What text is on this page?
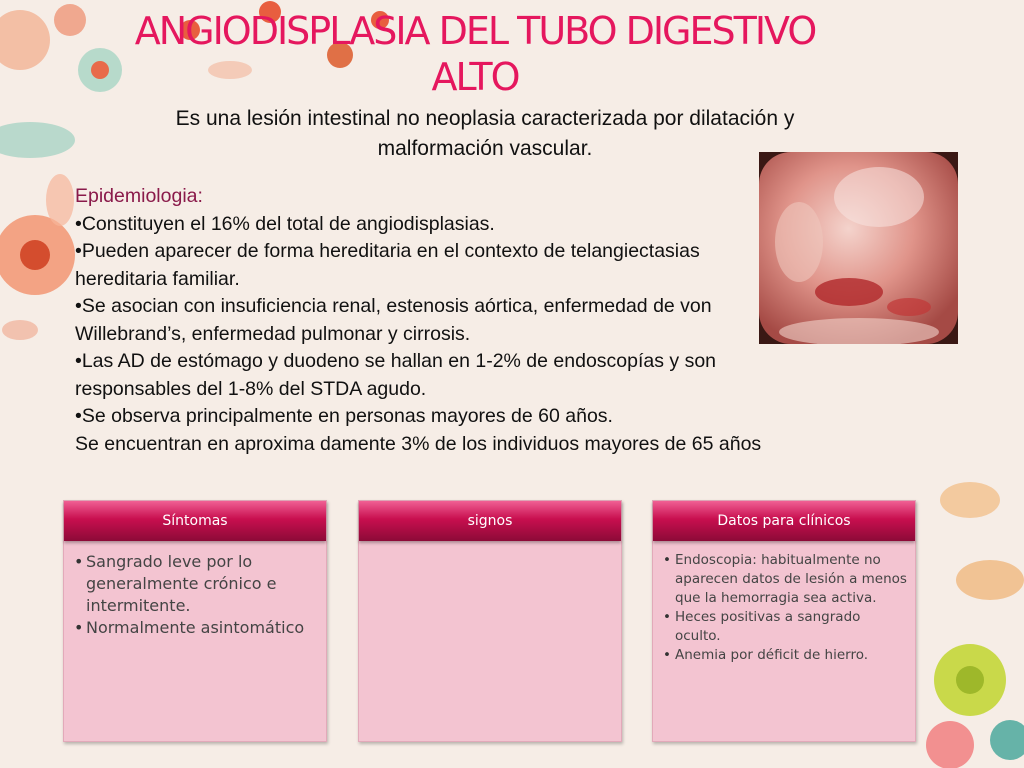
ANGIODISPLASIA DEL TUBO DIGESTIVO
ALTO
Es una lesión intestinal no neoplasia caracterizada por dilatación y
malformación vascular.

Epidemiologia:

•Constituyen el 16% del total de angiodisplasias.

•Pueden aparecer de forma hereditaria en el contexto de telangiectasias hereditaria familiar.

•Se asocian con insuficiencia renal, estenosis aórtica, enfermedad de von Willebrand’s, enfermedad pulmonar y cirrosis.

•Las AD de estómago y duodeno se hallan en 1-2% de endoscopías y son responsables del 1-8% del STDA agudo.

•Se observa principalmente en personas mayores de 60 años.

Se encuentran en aproxima damente 3% de los individuos mayores de 65 años

Síntomas
• Sangrado leve por lo generalmente crónico e intermitente.
• Normalmente asintomático
signos	Datos para clínicos
• Endoscopia: habitualmente no aparecen datos de lesión a menos que la hemorragia sea activa.
• Heces positivas a sangrado oculto.
• Anemia por déficit de hierro.
